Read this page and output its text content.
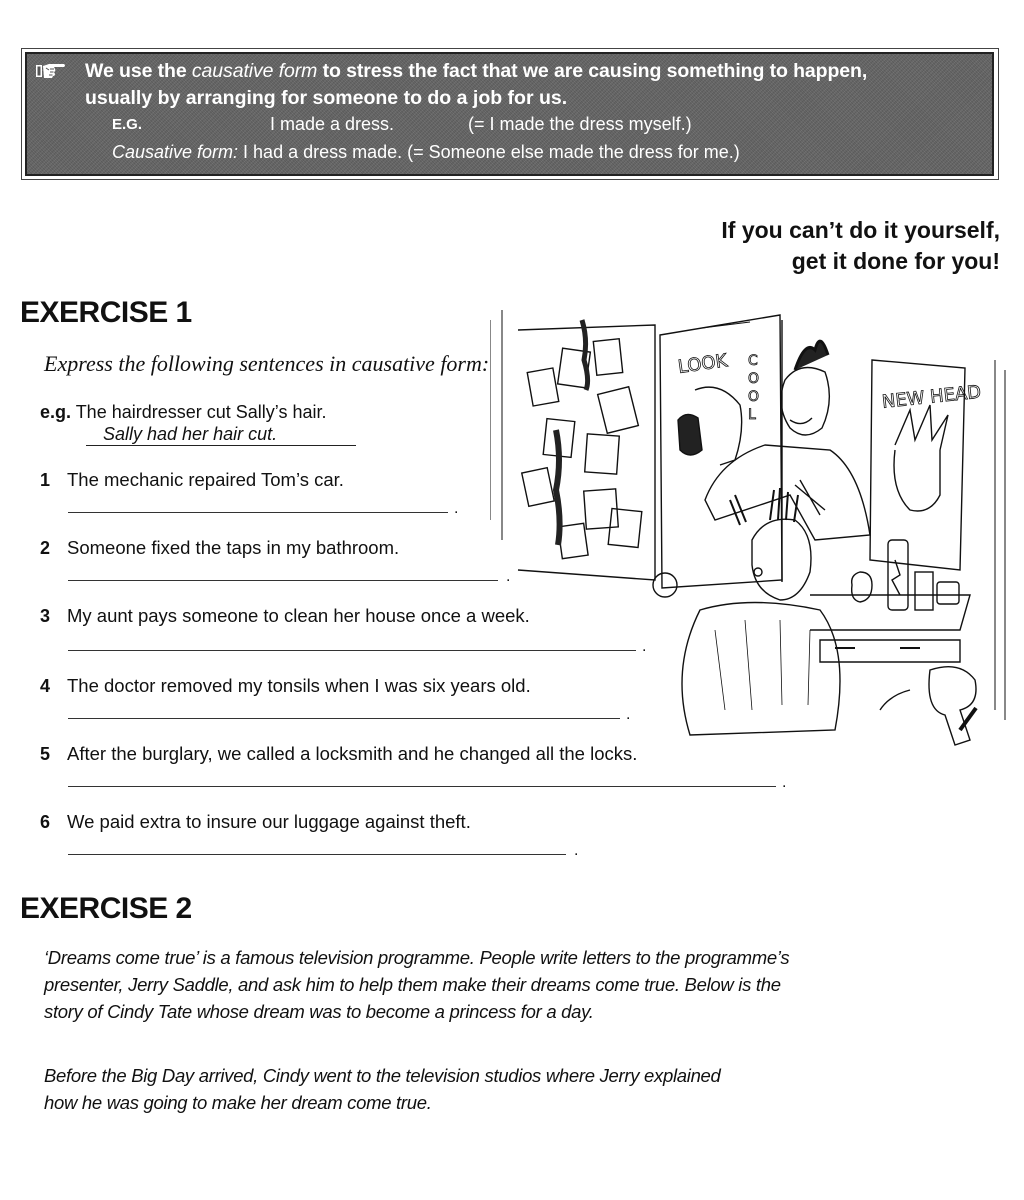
We use the causative form to stress the fact that we are causing something to happen,
usually by arranging for someone to do a job for us.
E.G.	I made a dress.	(= I made the dress myself.)
Causative form: I had a dress made. (= Someone else made the dress for me.)
If you can’t do it yourself,
get it done for you!
EXERCISE 1
Express the following sentences in causative form:
e.g. The hairdresser cut Sally’s hair.
Sally had her hair cut.
1 The mechanic repaired Tom’s car.
.
2 Someone fixed the taps in my bathroom.
.
3 My aunt pays someone to clean her house once a week.
.
4 The doctor removed my tonsils when I was six years old.
.
5 After the burglary, we called a locksmith and he changed all the locks.
.
6 We paid extra to insure our luggage against theft.
.
LOOK C
O
O
L
NEW HEAD
EXERCISE 2
‘Dreams come true’ is a famous television programme. People write letters to the programme’s
presenter, Jerry Saddle, and ask him to help them make their dreams come true. Below is the
story of Cindy Tate whose dream was to become a princess for a day.
Before the Big Day arrived, Cindy went to the television studios where Jerry explained
how he was going to make her dream come true.
